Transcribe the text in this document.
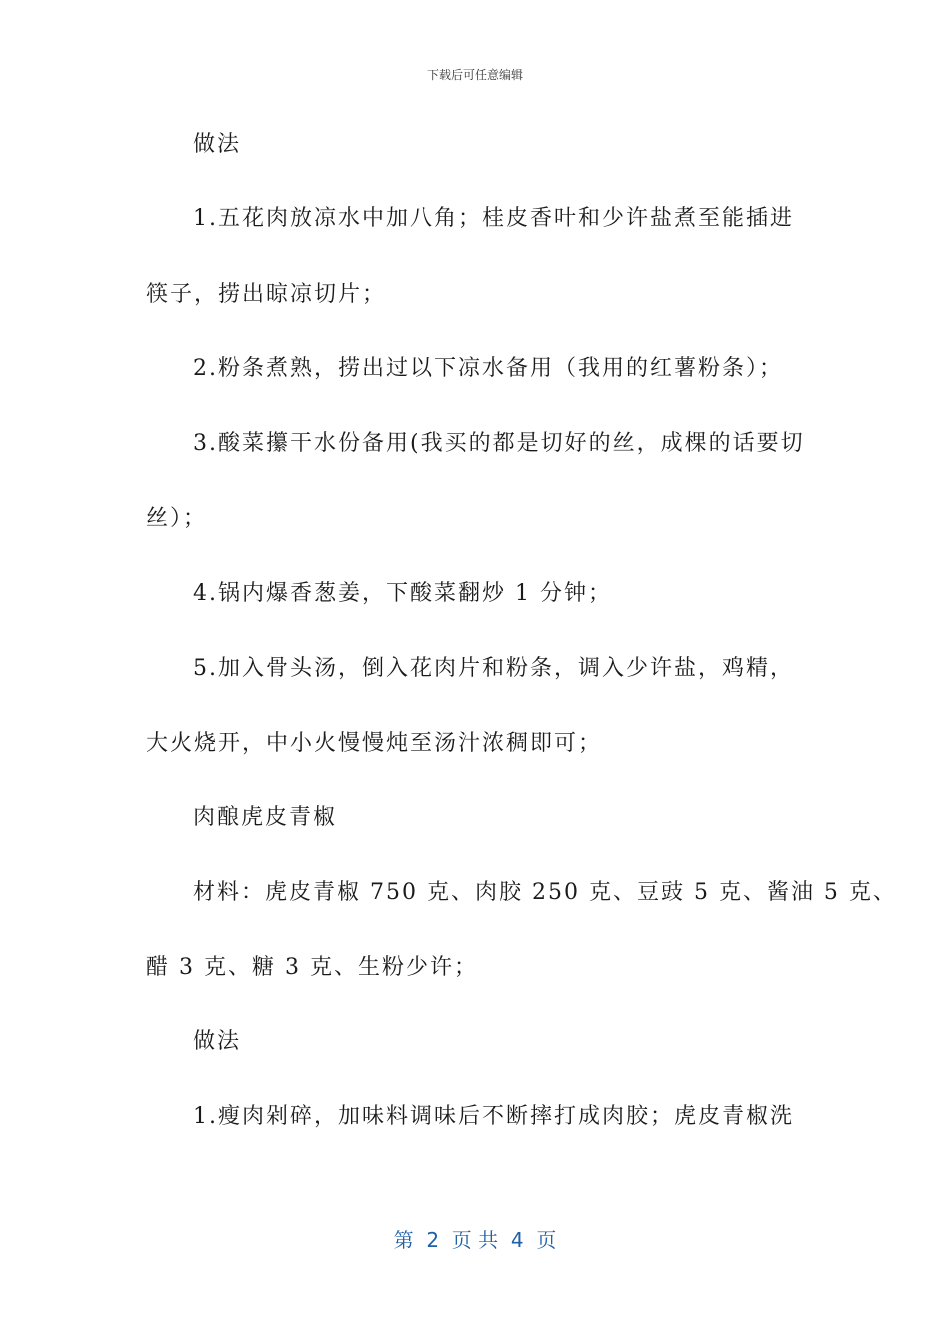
下载后可任意编辑
做法
1.五花肉放凉水中加八角；桂皮香叶和少许盐煮至能插进
筷子，捞出晾凉切片；
2.粉条煮熟，捞出过以下凉水备用（我用的红薯粉条）；
3.酸菜攥干水份备用(我买的都是切好的丝，成棵的话要切
丝）；
4.锅内爆香葱姜，下酸菜翻炒 1 分钟；
5.加入骨头汤，倒入花肉片和粉条，调入少许盐，鸡精，
大火烧开，中小火慢慢炖至汤汁浓稠即可；
肉酿虎皮青椒
材料：虎皮青椒 750 克、肉胶 250 克、豆豉 5 克、酱油 5 克、
醋 3 克、糖 3 克、生粉少许；
做法
1.瘦肉剁碎，加味料调味后不断摔打成肉胶；虎皮青椒洗
第  2  页 共  4  页
